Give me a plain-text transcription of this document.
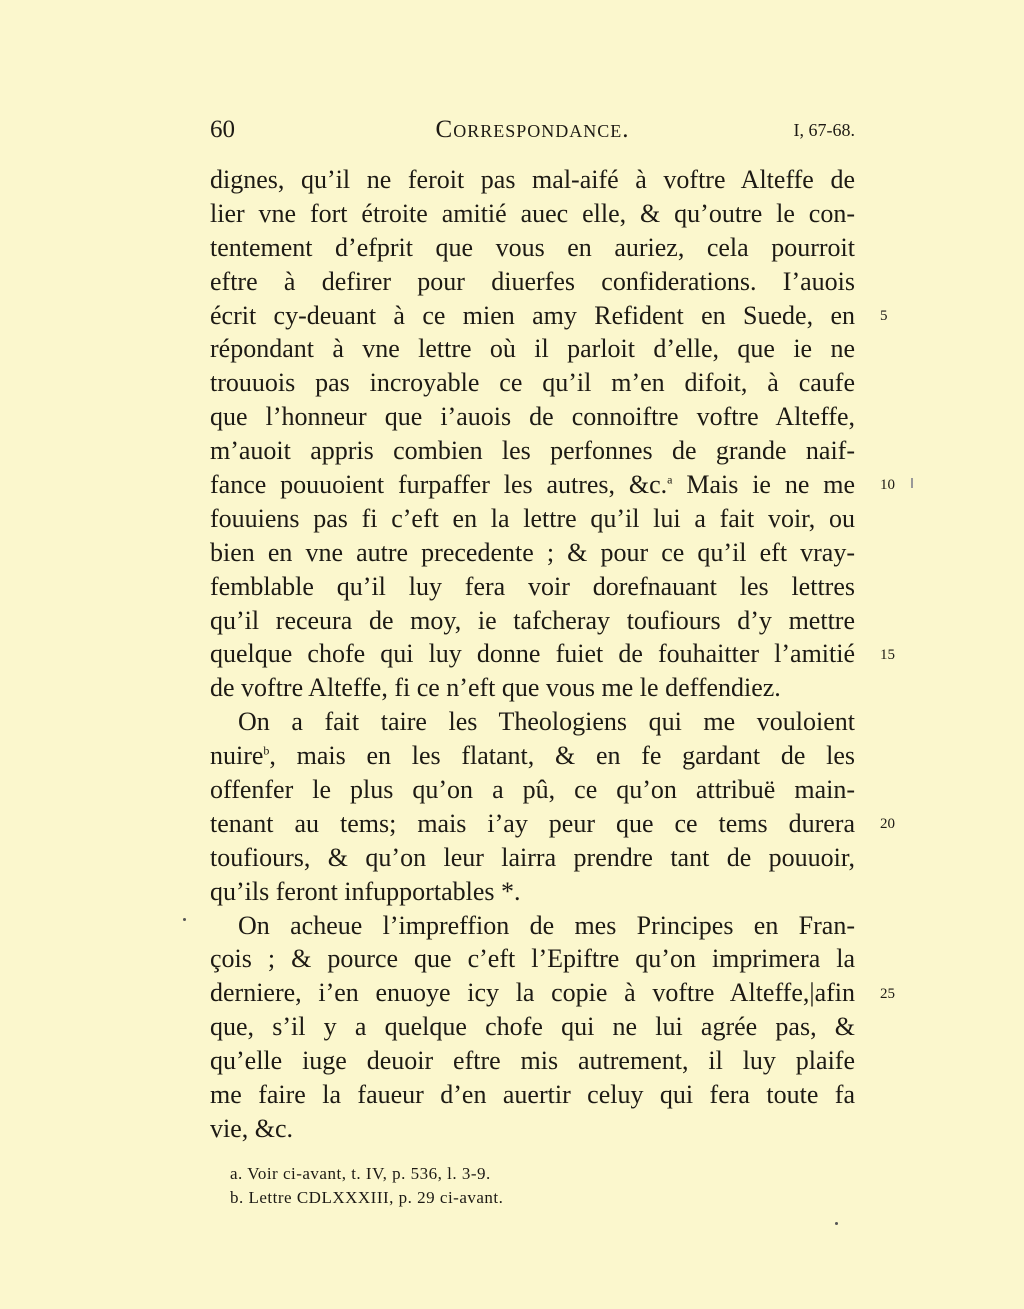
60	Correspondance.	I, 67-68.
dignes, qu’il ne feroit pas mal-aifé à voftre Alteffe de
lier vne fort étroite amitié auec elle, & qu’outre le con-
tentement d’efprit que vous en auriez, cela pourroit
eftre à defirer pour diuerfes confiderations. I’auois
écrit cy-deuant à ce mien amy Refident en Suede, en
répondant à vne lettre où il parloit d’elle, que ie ne
trouuois pas incroyable ce qu’il m’en difoit, à caufe
que l’honneur que i’auois de connoiftre voftre Alteffe,
m’auoit appris combien les perfonnes de grande naif-
fance pouuoient furpaffer les autres, &c.$^a$ Mais ie ne me
fouuiens pas fi c’eft en la lettre qu’il lui a fait voir, ou
bien en vne autre precedente ; & pour ce qu’il eft vray-
femblable qu’il luy fera voir dorefnauant les lettres
qu’il receura de moy, ie tafcheray toufiours d’y mettre
quelque chofe qui luy donne fuiet de fouhaitter l’amitié
de voftre Alteffe, fi ce n’eft que vous me le deffendiez.
On a fait taire les Theologiens qui me vouloient
nuire$^b$, mais en les flatant, & en fe gardant de les
offenfer le plus qu’on a pû, ce qu’on attribuë main-
tenant au tems; mais i’ay peur que ce tems durera
toufiours, & qu’on leur lairra prendre tant de pouuoir,
qu’ils feront infupportables *.
On acheue l’impreffion de mes Principes en Fran-
çois ; & pource que c’eft l’Epiftre qu’on imprimera la
derniere, i’en enuoye icy la copie à voftre Alteffe,|afin
que, s’il y a quelque chofe qui ne lui agrée pas, &
qu’elle iuge deuoir eftre mis autrement, il luy plaife
me faire la faueur d’en auertir celuy qui fera toute fa
vie, &c.
5
10
15
20
25
a. Voir ci-avant, t. IV, p. 536, l. 3-9.
b. Lettre CDLXXXIII, p. 29 ci-avant.
